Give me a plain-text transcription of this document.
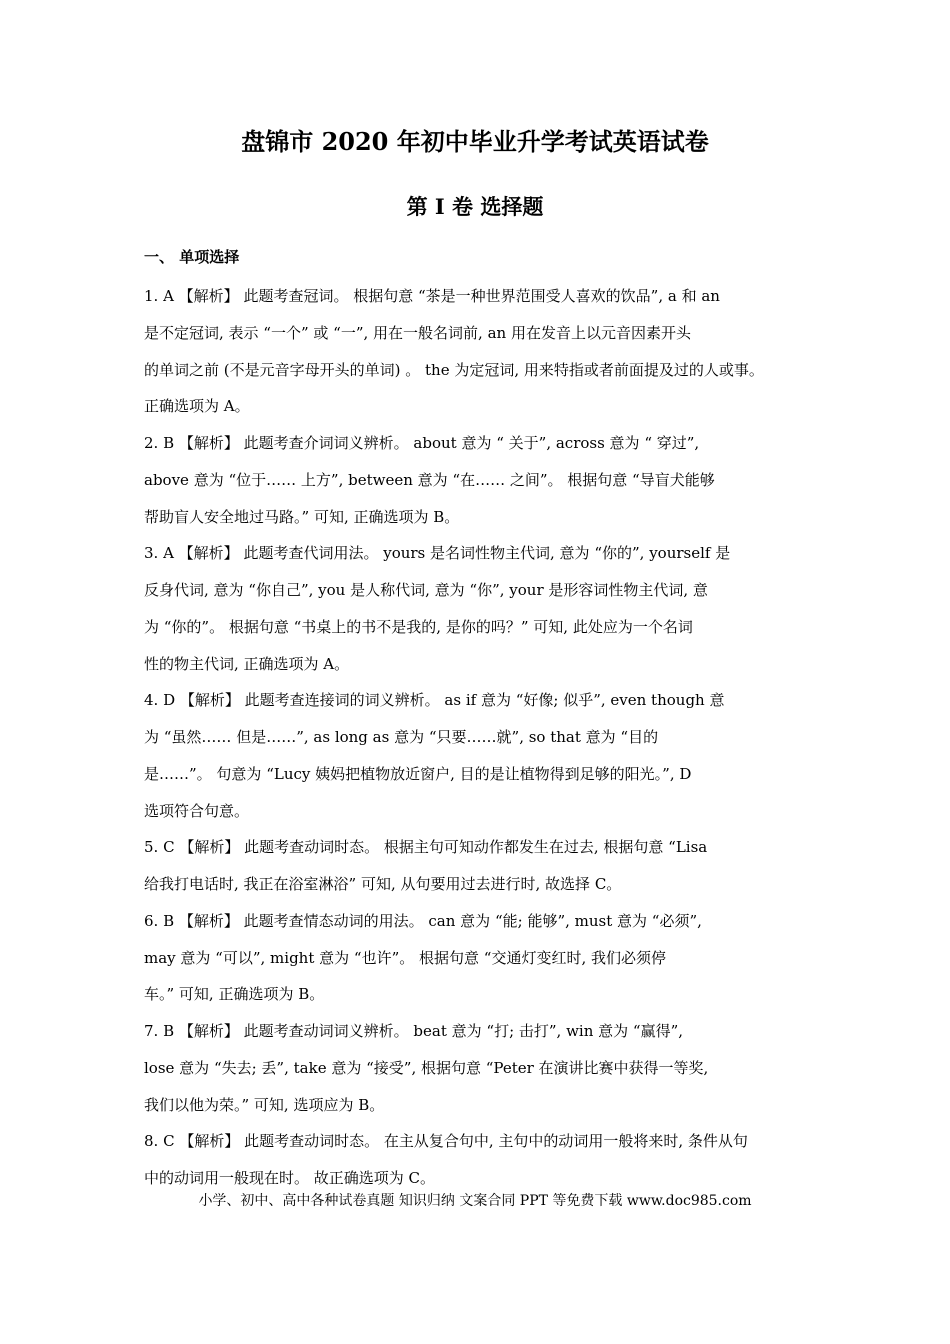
盘锦市 2020 年初中毕业升学考试英语试卷
第 I 卷 选择题
一、 单项选择
1. A 【解析】 此题考查冠词。 根据句意 “茶是一种世界范围受人喜欢的饮品”, a 和 an
是不定冠词, 表示 “一个” 或 “一”, 用在一般名词前, an 用在发音上以元音因素开头
的单词之前 (不是元音字母开头的单词) 。 the 为定冠词, 用来特指或者前面提及过的人或事。
正确选项为 A。
2. B 【解析】 此题考查介词词义辨析。 about 意为 “ 关于”, across 意为 “ 穿过”,
above 意为 “位于…… 上方”, between 意为 “在…… 之间”。 根据句意 “导盲犬能够
帮助盲人安全地过马路。” 可知, 正确选项为 B。
3. A 【解析】 此题考查代词用法。 yours 是名词性物主代词, 意为 “你的”, yourself 是
反身代词, 意为 “你自己”, you 是人称代词, 意为 “你”, your 是形容词性物主代词, 意
为 “你的”。 根据句意 “书桌上的书不是我的, 是你的吗？” 可知, 此处应为一个名词
性的物主代词, 正确选项为 A。
4. D 【解析】 此题考查连接词的词义辨析。 as if 意为 “好像; 似乎”, even though 意
为 “虽然…… 但是……”, as long as 意为 “只要……就”, so that 意为 “目的
是……”。 句意为 “Lucy 姨妈把植物放近窗户, 目的是让植物得到足够的阳光。”, D
选项符合句意。
5. C 【解析】 此题考查动词时态。 根据主句可知动作都发生在过去, 根据句意 “Lisa
给我打电话时, 我正在浴室淋浴” 可知, 从句要用过去进行时, 故选择 C。
6. B 【解析】 此题考查情态动词的用法。 can 意为 “能; 能够”, must 意为 “必须”,
may 意为 “可以”, might 意为 “也许”。 根据句意 “交通灯变红时, 我们必须停
车。” 可知, 正确选项为 B。
7. B 【解析】 此题考查动词词义辨析。 beat 意为 “打; 击打”, win 意为 “赢得”,
lose 意为 “失去; 丢”, take 意为 “接受”, 根据句意 “Peter 在演讲比赛中获得一等奖,
我们以他为荣。” 可知, 选项应为 B。
8. C 【解析】 此题考查动词时态。 在主从复合句中, 主句中的动词用一般将来时, 条件从句
中的动词用一般现在时。 故正确选项为 C。
小学、初中、高中各种试卷真题 知识归纳 文案合同 PPT 等免费下载 www.doc985.com
